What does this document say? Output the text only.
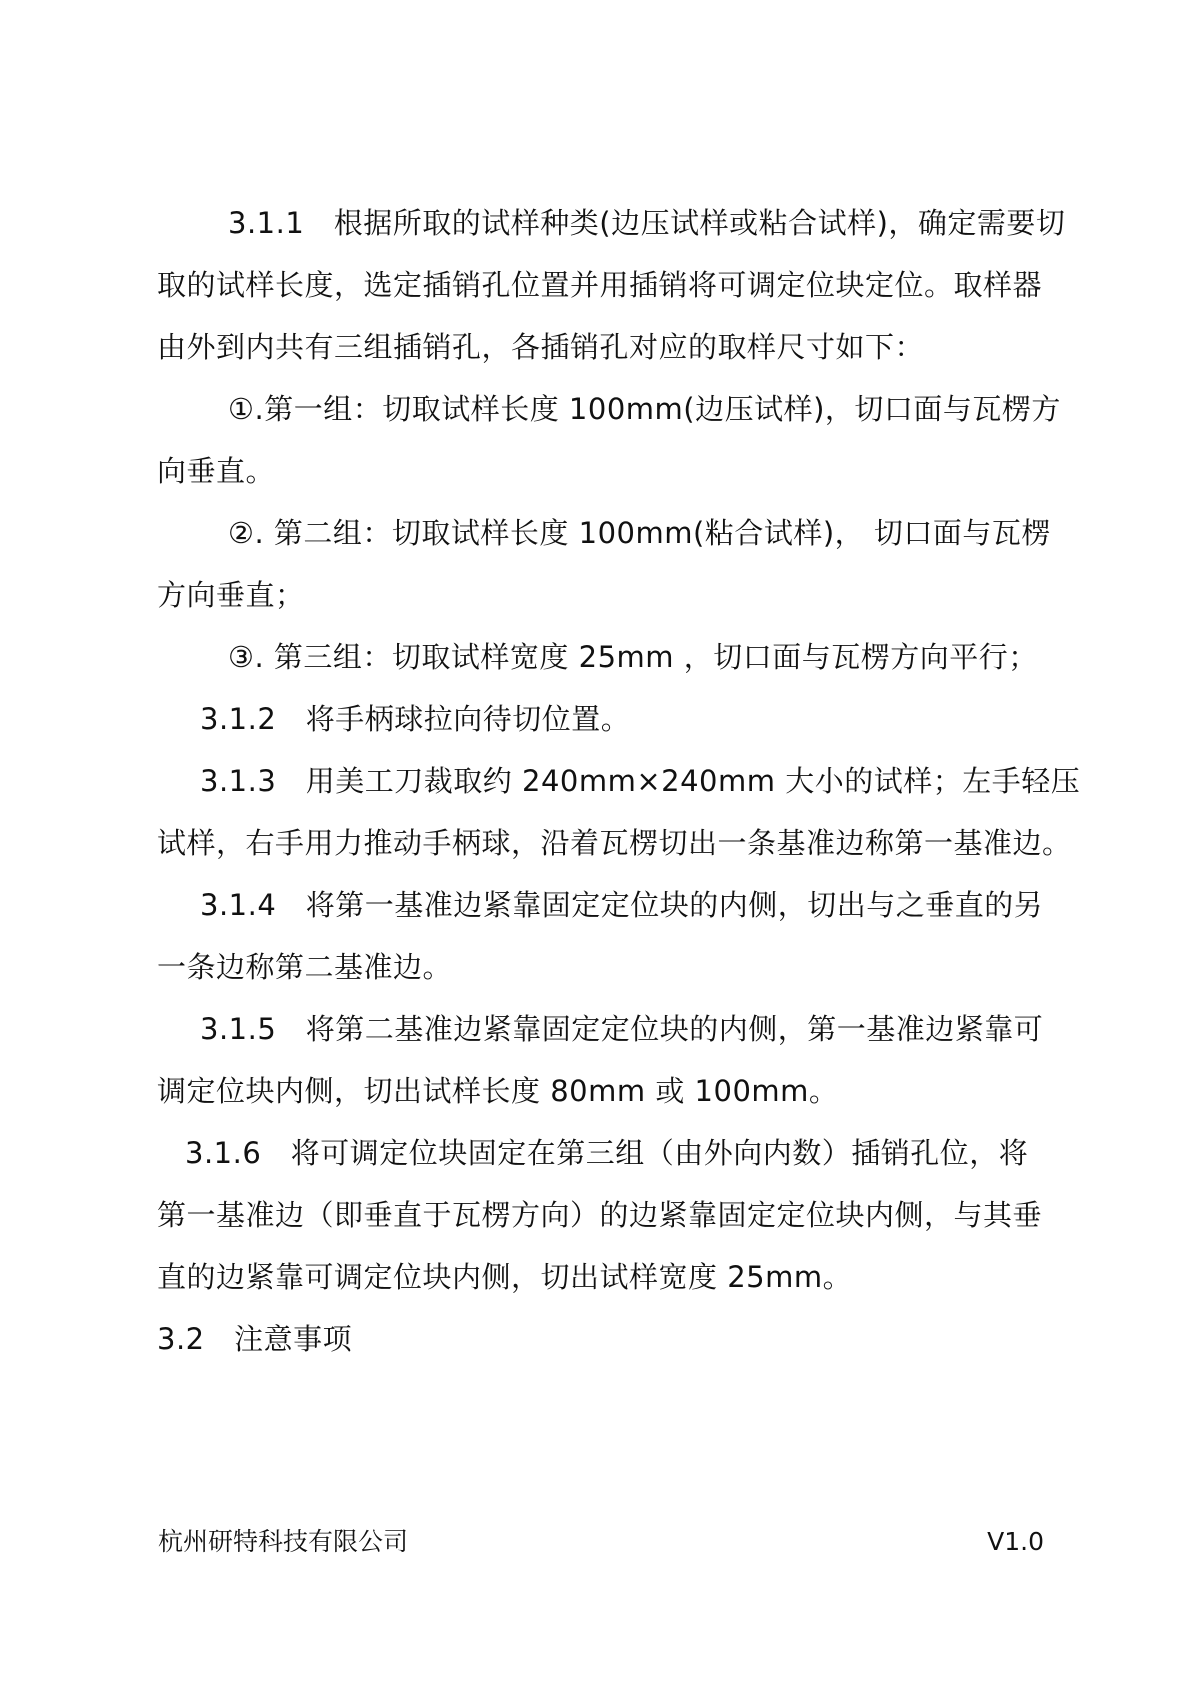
3.1.1　根据所取的试样种类(边压试样或粘合试样)，确定需要切
取的试样长度，选定插销孔位置并用插销将可调定位块定位。取样器
由外到内共有三组插销孔，各插销孔对应的取样尺寸如下：
①.第一组：切取试样长度 100mm(边压试样)，切口面与瓦楞方
向垂直。
②. 第二组：切取试样长度 100mm(粘合试样)， 切口面与瓦楞
方向垂直；
③. 第三组：切取试样宽度 25mm ，切口面与瓦楞方向平行；
3.1.2　将手柄球拉向待切位置。
3.1.3　用美工刀裁取约 240mm×240mm 大小的试样；左手轻压
试样，右手用力推动手柄球，沿着瓦楞切出一条基准边称第一基准边。
3.1.4　将第一基准边紧靠固定定位块的内侧，切出与之垂直的另
一条边称第二基准边。
3.1.5　将第二基准边紧靠固定定位块的内侧，第一基准边紧靠可
调定位块内侧，切出试样长度 80mm 或 100mm。
3.1.6　将可调定位块固定在第三组（由外向内数）插销孔位，将
第一基准边（即垂直于瓦楞方向）的边紧靠固定定位块内侧，与其垂
直的边紧靠可调定位块内侧，切出试样宽度 25mm。
3.2　注意事项
杭州研特科技有限公司	V1.0
